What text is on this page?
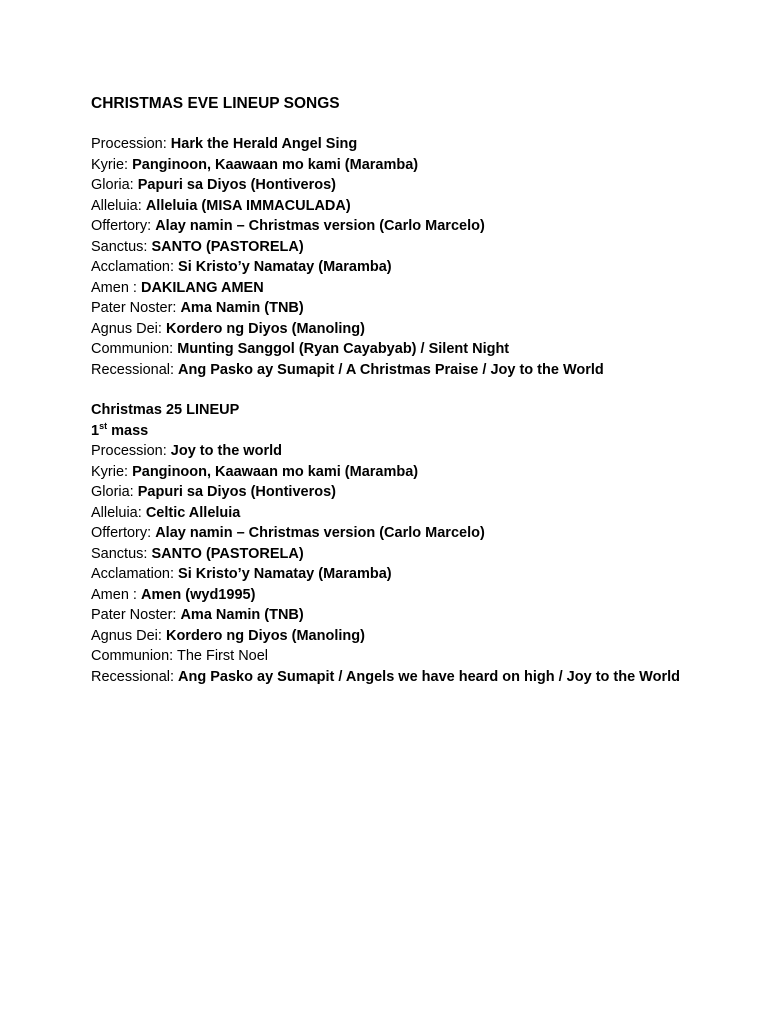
CHRISTMAS EVE LINEUP SONGS

Procession: Hark the Herald Angel Sing

Kyrie: Panginoon, Kaawaan mo kami (Maramba)

Gloria: Papuri sa Diyos (Hontiveros)

Alleluia: Alleluia (MISA IMMACULADA)

Offertory: Alay namin – Christmas version (Carlo Marcelo)

Sanctus: SANTO (PASTORELA)

Acclamation: Si Kristo’y Namatay (Maramba)

Amen : DAKILANG AMEN

Pater Noster: Ama Namin (TNB)

Agnus Dei: Kordero ng Diyos (Manoling)

Communion: Munting Sanggol (Ryan Cayabyab) / Silent Night

Recessional: Ang Pasko ay Sumapit / A Christmas Praise / Joy to the World

Christmas 25 LINEUP

1st mass

Procession: Joy to the world

Kyrie: Panginoon, Kaawaan mo kami (Maramba)

Gloria: Papuri sa Diyos (Hontiveros)

Alleluia: Celtic Alleluia

Offertory: Alay namin – Christmas version (Carlo Marcelo)

Sanctus: SANTO (PASTORELA)

Acclamation: Si Kristo’y Namatay (Maramba)

Amen : Amen (wyd1995)

Pater Noster: Ama Namin (TNB)

Agnus Dei: Kordero ng Diyos (Manoling)

Communion: The First Noel

Recessional: Ang Pasko ay Sumapit / Angels we have heard on high / Joy to the World
